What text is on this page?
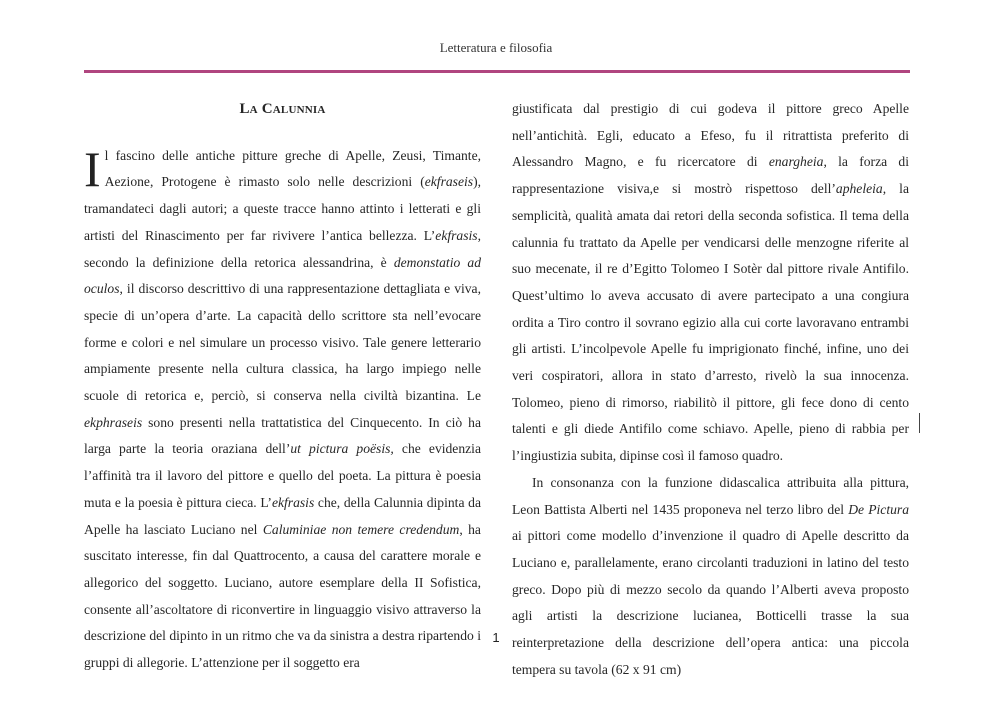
Letteratura e filosofia
La Calunnia

Il fascino delle antiche pitture greche di Apelle, Zeusi, Timante, Aezione, Protogene è rimasto solo nelle descrizioni (ekfraseis), tramandateci dagli autori; a queste tracce hanno attinto i letterati e gli artisti del Rinascimento per far rivivere l’antica bellezza. L’ekfrasis, secondo la definizione della retorica alessandrina, è demonstatio ad oculos, il discorso descrittivo di una rappresentazione dettagliata e viva, specie di un’opera d’arte. La capacità dello scrittore sta nell’evocare forme e colori e nel simulare un processo visivo. Tale genere letterario ampiamente presente nella cultura classica, ha largo impiego nelle scuole di retorica e, perciò, si conserva nella civiltà bizantina. Le ekphraseis sono presenti nella trattatistica del Cinquecento. In ciò ha larga parte la teoria oraziana dell’ut pictura poësis, che evidenzia l’affinità tra il lavoro del pittore e quello del poeta. La pittura è poesia muta e la poesia è pittura cieca. L’ekfrasis che, della Calunnia dipinta da Apelle ha lasciato Luciano nel Caluminiae non temere credendum, ha suscitato interesse, fin dal Quattrocento, a causa del carattere morale e allegorico del soggetto. Luciano, autore esemplare della II Sofistica, consente all’ascoltatore di riconvertire in linguaggio visivo attraverso la descrizione del dipinto in un ritmo che va da sinistra a destra ripartendo i gruppi di allegorie. L’attenzione per il soggetto era

giustificata dal prestigio di cui godeva il pittore greco Apelle nell’antichità. Egli, educato a Efeso, fu il ritrattista preferito di Alessandro Magno, e fu ricercatore di enargheia, la forza di rappresentazione visiva,e si mostrò rispettoso dell’apheleia, la semplicità, qualità amata dai retori della seconda sofistica. Il tema della calunnia fu trattato da Apelle per vendicarsi delle menzogne riferite al suo mecenate, il re d’Egitto Tolomeo I Sotèr dal pittore rivale Antifilo. Quest’ultimo lo aveva accusato di avere partecipato a una congiura ordita a Tiro contro il sovrano egizio alla cui corte lavoravano entrambi gli artisti. L’incolpevole Apelle fu imprigionato finché, infine, uno dei veri cospiratori, allora in stato d’arresto, rivelò la sua innocenza. Tolomeo, pieno di rimorso, riabilitò il pittore, gli fece dono di cento talenti e gli diede Antifilo come schiavo. Apelle, pieno di rabbia per l’ingiustizia subita, dipinse così il famoso quadro.

In consonanza con la funzione didascalica attribuita alla pittura, Leon Battista Alberti nel 1435 proponeva nel terzo libro del De Pictura ai pittori come modello d’invenzione il quadro di Apelle descritto da Luciano e, parallelamente, erano circolanti traduzioni in latino del testo greco. Dopo più di mezzo secolo da quando l’Alberti aveva proposto agli artisti la descrizione lucianea, Botticelli trasse la sua reinterpretazione della descrizione dell’opera antica: una piccola tempera su tavola (62 x 91 cm)

1
